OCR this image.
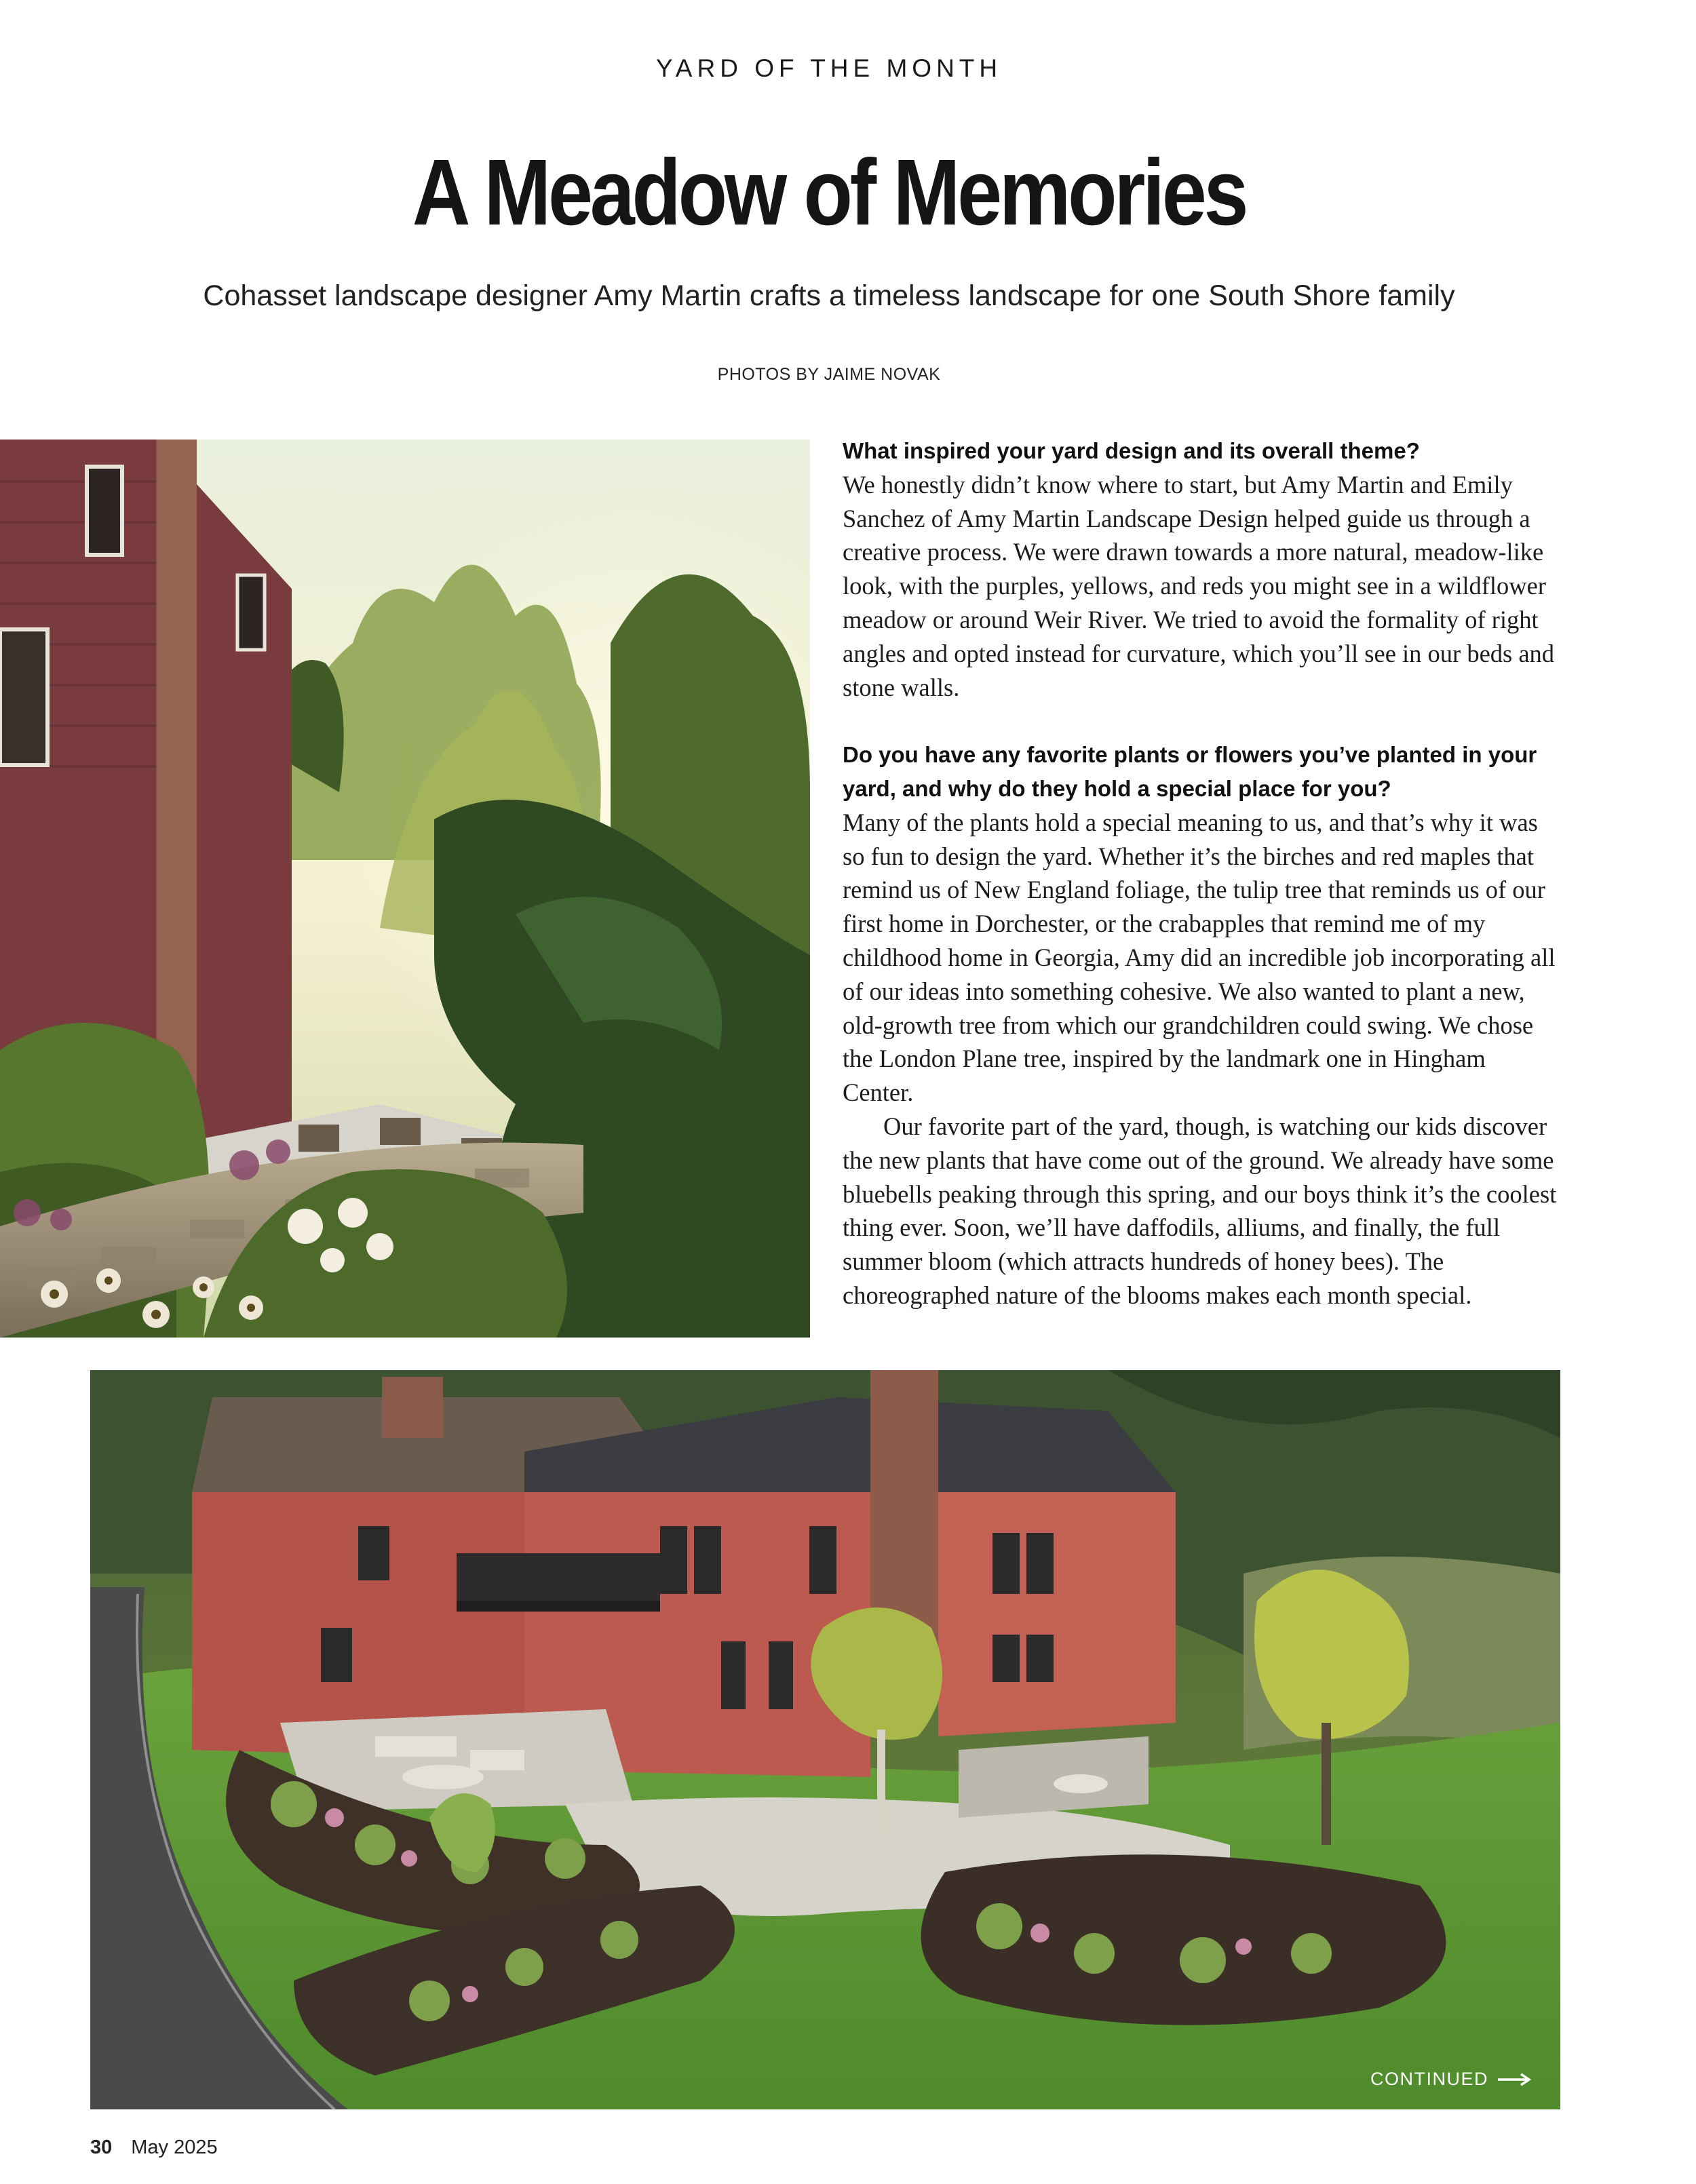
YARD OF THE MONTH
A Meadow of Memories
Cohasset landscape designer Amy Martin crafts a timeless landscape for one South Shore family
PHOTOS BY JAIME NOVAK

What inspired your yard design and its overall theme?

We honestly didn’t know where to start, but Amy Martin and Emily Sanchez of Amy Martin Landscape Design helped guide us through a creative process. We were drawn towards a more natural, meadow-like look, with the purples, yellows, and reds you might see in a wildflower meadow or around Weir River. We tried to avoid the formality of right angles and opted instead for curvature, which you’ll see in our beds and stone walls.

Do you have any favorite plants or flowers you’ve planted in your yard, and why do they hold a special place for you?

Many of the plants hold a special meaning to us, and that’s why it was so fun to design the yard. Whether it’s the birches and red maples that remind us of New England foliage, the tulip tree that reminds us of our first home in Dorchester, or the crabapples that remind me of my childhood home in Georgia, Amy did an incredible job incorporating all of our ideas into something cohesive. We also wanted to plant a new, old-growth tree from which our grandchildren could swing. We chose the London Plane tree, inspired by the landmark one in Hingham Center.

Our favorite part of the yard, though, is watching our kids discover the new plants that have come out of the ground. We already have some bluebells peaking through this spring, and our boys think it’s the coolest thing ever. Soon, we’ll have daffodils, alliums, and finally, the full summer bloom (which attracts hundreds of honey bees). The choreographed nature of the blooms makes each month special.

CONTINUED
30 May 2025
